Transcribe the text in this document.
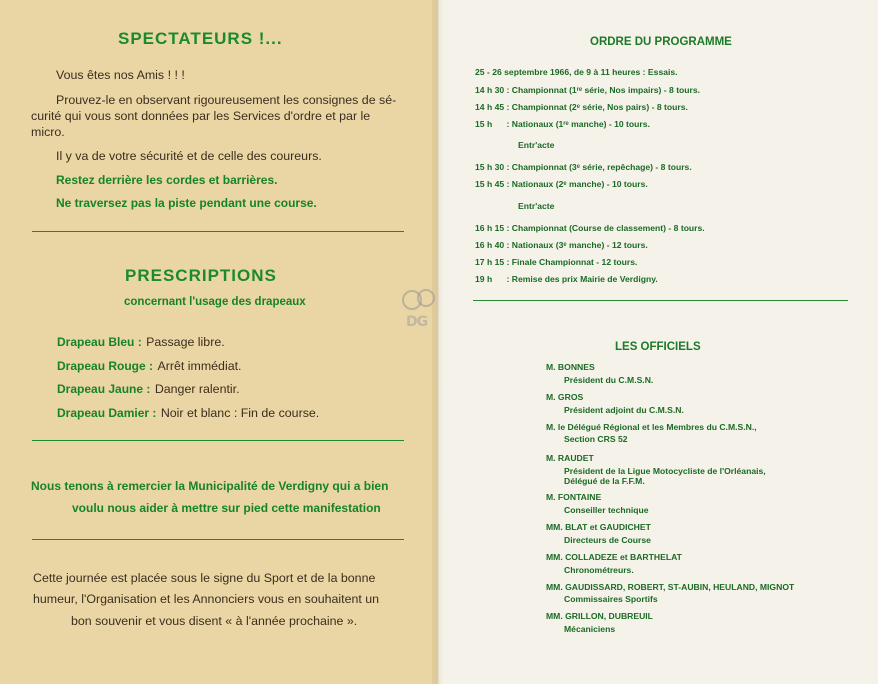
SPECTATEURS !...
Vous êtes nos Amis ! ! !
Prouvez-le en observant rigoureusement les consignes de sé-
curité qui vous sont données par les Services d'ordre et par le
micro.
Il y va de votre sécurité et de celle des coureurs.
Restez derrière les cordes et barrières.
Ne traversez pas la piste pendant une course.
PRESCRIPTIONS
concernant l'usage des drapeaux
Drapeau Bleu : Passage libre.
Drapeau Rouge : Arrêt immédiat.
Drapeau Jaune : Danger ralentir.
Drapeau Damier : Noir et blanc : Fin de course.
Nous tenons à remercier la Municipalité de Verdigny qui a bien
voulu nous aider à mettre sur pied cette manifestation
Cette journée est placée sous le signe du Sport et de la bonne
humeur, l'Organisation et les Annonciers vous en souhaitent un
bon souvenir et vous disent « à l'année prochaine ».
ORDRE DU PROGRAMME
25 - 26 septembre 1966, de 9 à 11 heures : Essais.
14 h 30 : Championnat (1ʳᵉ série, Nos impairs) - 8 tours.
14 h 45 : Championnat (2ᵉ série, Nos pairs) - 8 tours.
15 h      : Nationaux (1ʳᵉ manche) - 10 tours.
Entr'acte
15 h 30 : Championnat (3ᵉ série, repêchage) - 8 tours.
15 h 45 : Nationaux (2ᵉ manche) - 10 tours.
Entr'acte
16 h 15 : Championnat (Course de classement) - 8 tours.
16 h 40 : Nationaux (3ᵉ manche) - 12 tours.
17 h 15 : Finale Championnat - 12 tours.
19 h      : Remise des prix Mairie de Verdigny.
LES OFFICIELS
M. BONNES
Président du C.M.S.N.
M. GROS
Président adjoint du C.M.S.N.
M. le Délégué Régional et les Membres du C.M.S.N.,
Section CRS 52
M. RAUDET
Président de la Ligue Motocycliste de l'Orléanais,
Délégué de la F.F.M.
M. FONTAINE
Conseiller technique
MM. BLAT et GAUDICHET
Directeurs de Course
MM. COLLADEZE et BARTHELAT
Chronométreurs.
MM. GAUDISSARD, ROBERT, ST-AUBIN, HEULAND, MIGNOT
Commissaires Sportifs
MM. GRILLON, DUBREUIL
Mécaniciens
DG
